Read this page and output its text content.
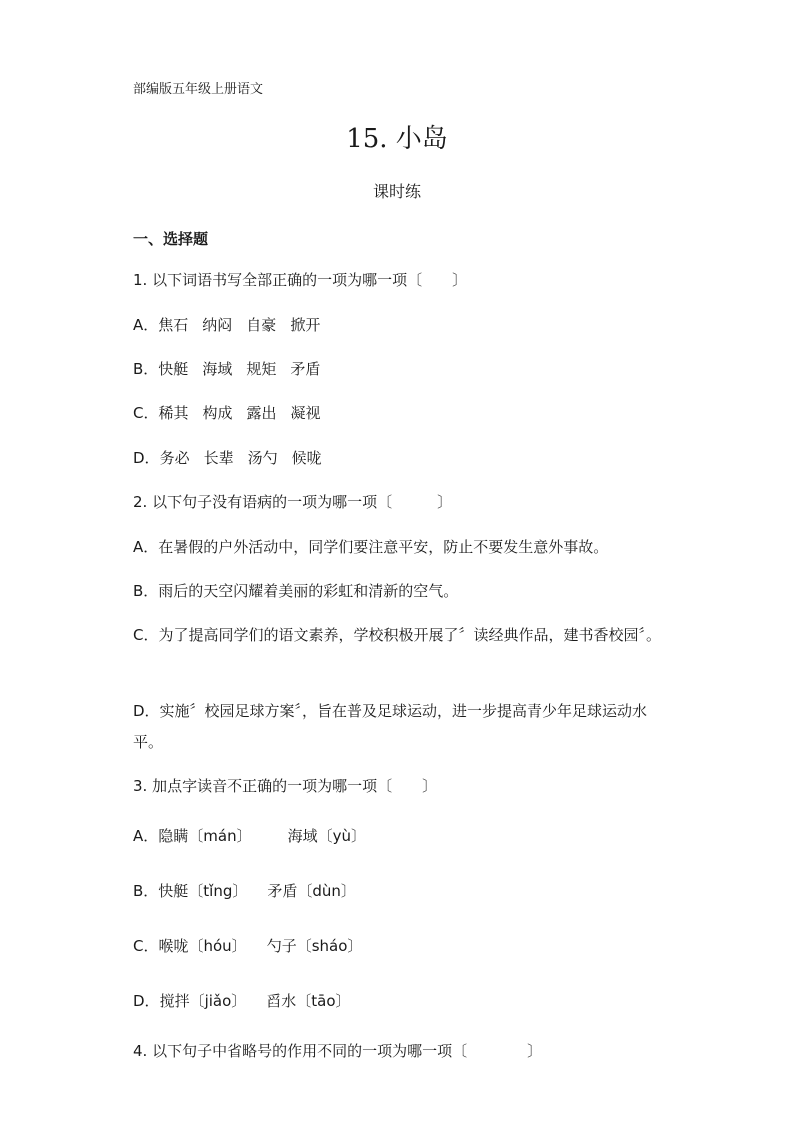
部编版五年级上册语文
15. 小岛
课时练
一、选择题
1. 以下词语书写全部正确的一项为哪一项〔　　〕
A．焦石 纳闷 自豪 掀开
B．快艇 海域 规矩 矛盾
C．稀其 构成 露出 凝视
D．务必 长辈 汤勺 候咙
2. 以下句子没有语病的一项为哪一项〔　　　〕
A．在暑假的户外活动中，同学们要注意平安，防止不要发生意外事故。
B．雨后的天空闪耀着美丽的彩虹和清新的空气。
C．为了提高同学们的语文素养，学校积极开展了〞读经典作品，建书香校园〞。
D．实施〞校园足球方案〞，旨在普及足球运动，进一步提高青少年足球运动水平。
3. 加点字读音不正确的一项为哪一项〔　　〕
A．隐瞒〔mán〕 海域〔yù〕
B．快艇〔tǐng〕 矛盾〔dùn〕
C．喉咙〔hóu〕 勺子〔sháo〕
D．搅拌〔jiǎo〕 舀水〔tāo〕
4. 以下句子中省略号的作用不同的一项为哪一项〔　　　　〕
